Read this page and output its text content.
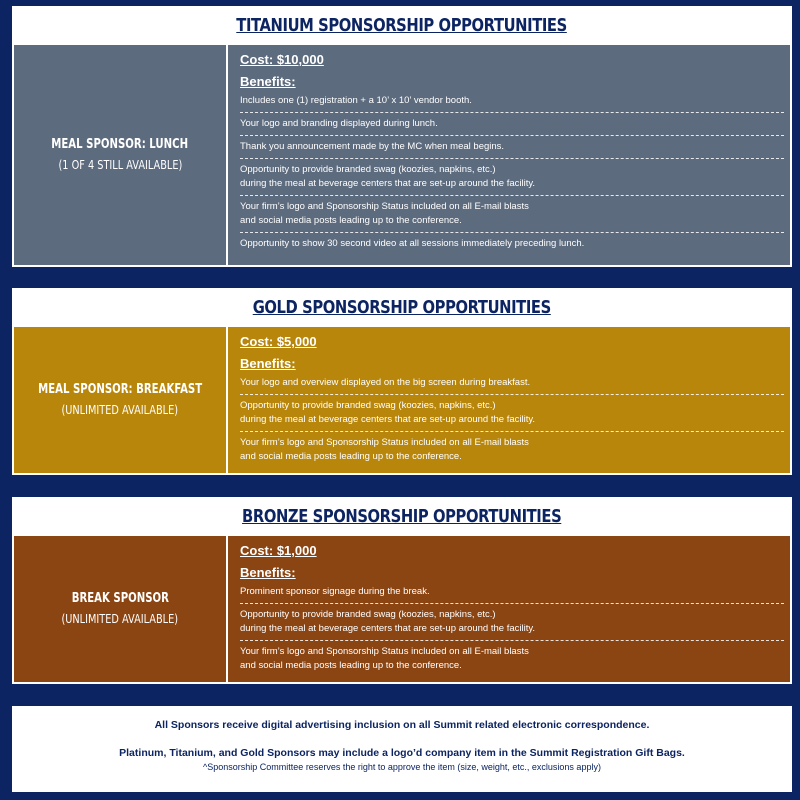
TITANIUM SPONSORSHIP OPPORTUNITIES
MEAL SPONSOR: LUNCH
(1 OF 4 STILL AVAILABLE)
Cost: $10,000
Benefits:
Includes one (1) registration + a 10’ x 10’ vendor booth.
Your logo and branding displayed during lunch.
Thank you announcement made by the MC when meal begins.
Opportunity to provide branded swag (koozies, napkins, etc.)
during the meal at beverage centers that are set-up around the facility.
Your firm’s logo and Sponsorship Status included on all E-mail blasts
and social media posts leading up to the conference.
Opportunity to show 30 second video at all sessions immediately preceding lunch.
GOLD SPONSORSHIP OPPORTUNITIES
MEAL SPONSOR: BREAKFAST
(UNLIMITED AVAILABLE)
Cost: $5,000
Benefits:
Your logo and overview displayed on the big screen during breakfast.
Opportunity to provide branded swag (koozies, napkins, etc.)
during the meal at beverage centers that are set-up around the facility.
Your firm’s logo and Sponsorship Status included on all E-mail blasts
and social media posts leading up to the conference.
BRONZE SPONSORSHIP OPPORTUNITIES
BREAK SPONSOR
(UNLIMITED AVAILABLE)
Cost: $1,000
Benefits:
Prominent sponsor signage during the break.
Opportunity to provide branded swag (koozies, napkins, etc.)
during the meal at beverage centers that are set-up around the facility.
Your firm’s logo and Sponsorship Status included on all E-mail blasts
and social media posts leading up to the conference.
All Sponsors receive digital advertising inclusion on all Summit related electronic correspondence.
Platinum, Titanium, and Gold Sponsors may include a logo’d company item in the Summit Registration Gift Bags.
^Sponsorship Committee reserves the right to approve the item (size, weight, etc., exclusions apply)
